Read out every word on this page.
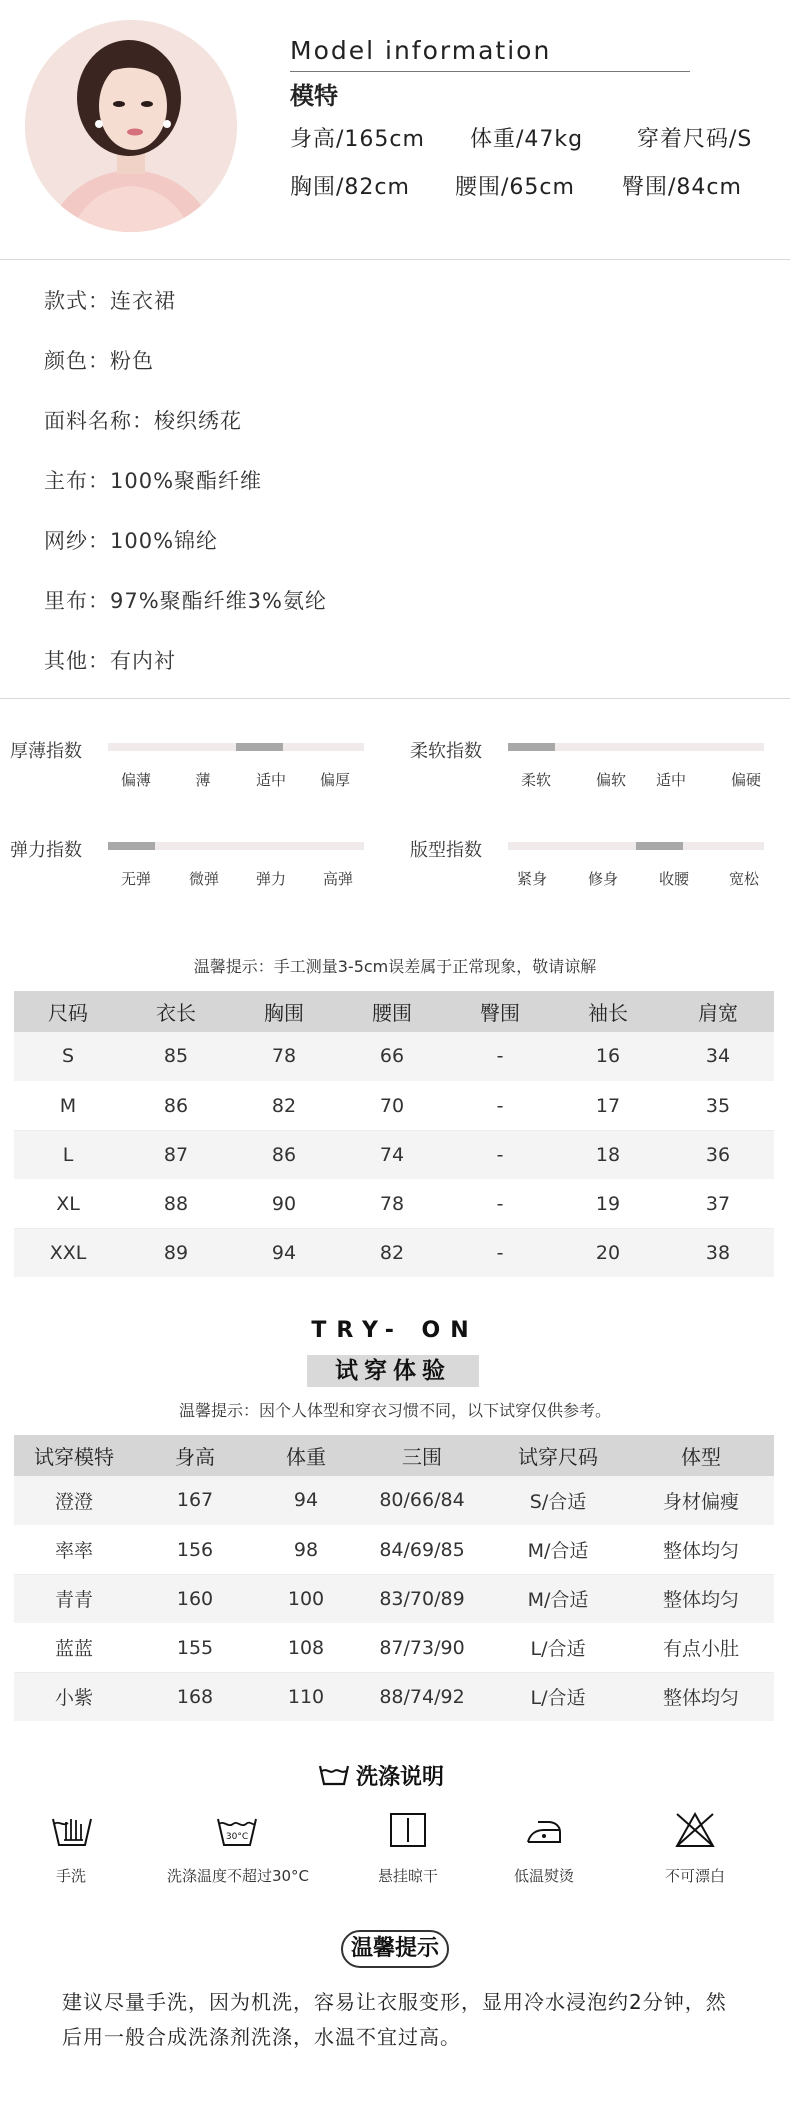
Model information
模特
身高/165cm 体重/47kg 穿着尺码/S
胸围/82cm 腰围/65cm 臀围/84cm
款式：连衣裙
颜色：粉色
面料名称：梭织绣花
主布：100%聚酯纤维
网纱：100%锦纶
里布：97%聚酯纤维3%氨纶
其他：有内衬
厚薄指数
偏薄	薄	适中 偏厚
柔软指数
柔软	偏软 适中	偏硬
弹力指数
无弹	微弹 弹力 高弹
版型指数
紧身	修身	收腰	宽松
温馨提示：手工测量3-5cm误差属于正常现象，敬请谅解
尺码	衣长	胸围	腰围	臀围	袖长	肩宽
S	85	78	66	-	16	34
M	86	82	70	-	17	35
L	87	86	74	-	18	36
XL	88	90	78	-	19	37
XXL	89	94	82	-	20	38
TRY- ON
试穿体验
温馨提示：因个人体型和穿衣习惯不同，以下试穿仅供参考。
试穿模特	身高	体重	三围	试穿尺码	体型
澄澄	167	94	80/66/84	S/合适	身材偏瘦
率率	156	98	84/69/85	M/合适	整体均匀
青青	160	100	83/70/89	M/合适	整体均匀
蓝蓝	155	108	87/73/90	L/合适	有点小肚
小紫	168	110	88/74/92	L/合适	整体均匀
洗涤说明
手洗
30°C
洗涤温度不超过30°C	悬挂晾干	低温熨烫	不可漂白
温馨提示
建议尽量手洗，因为机洗，容易让衣服变形，显用冷水浸泡约2分钟，然后用一般合成洗涤剂洗涤，水温不宜过高。
